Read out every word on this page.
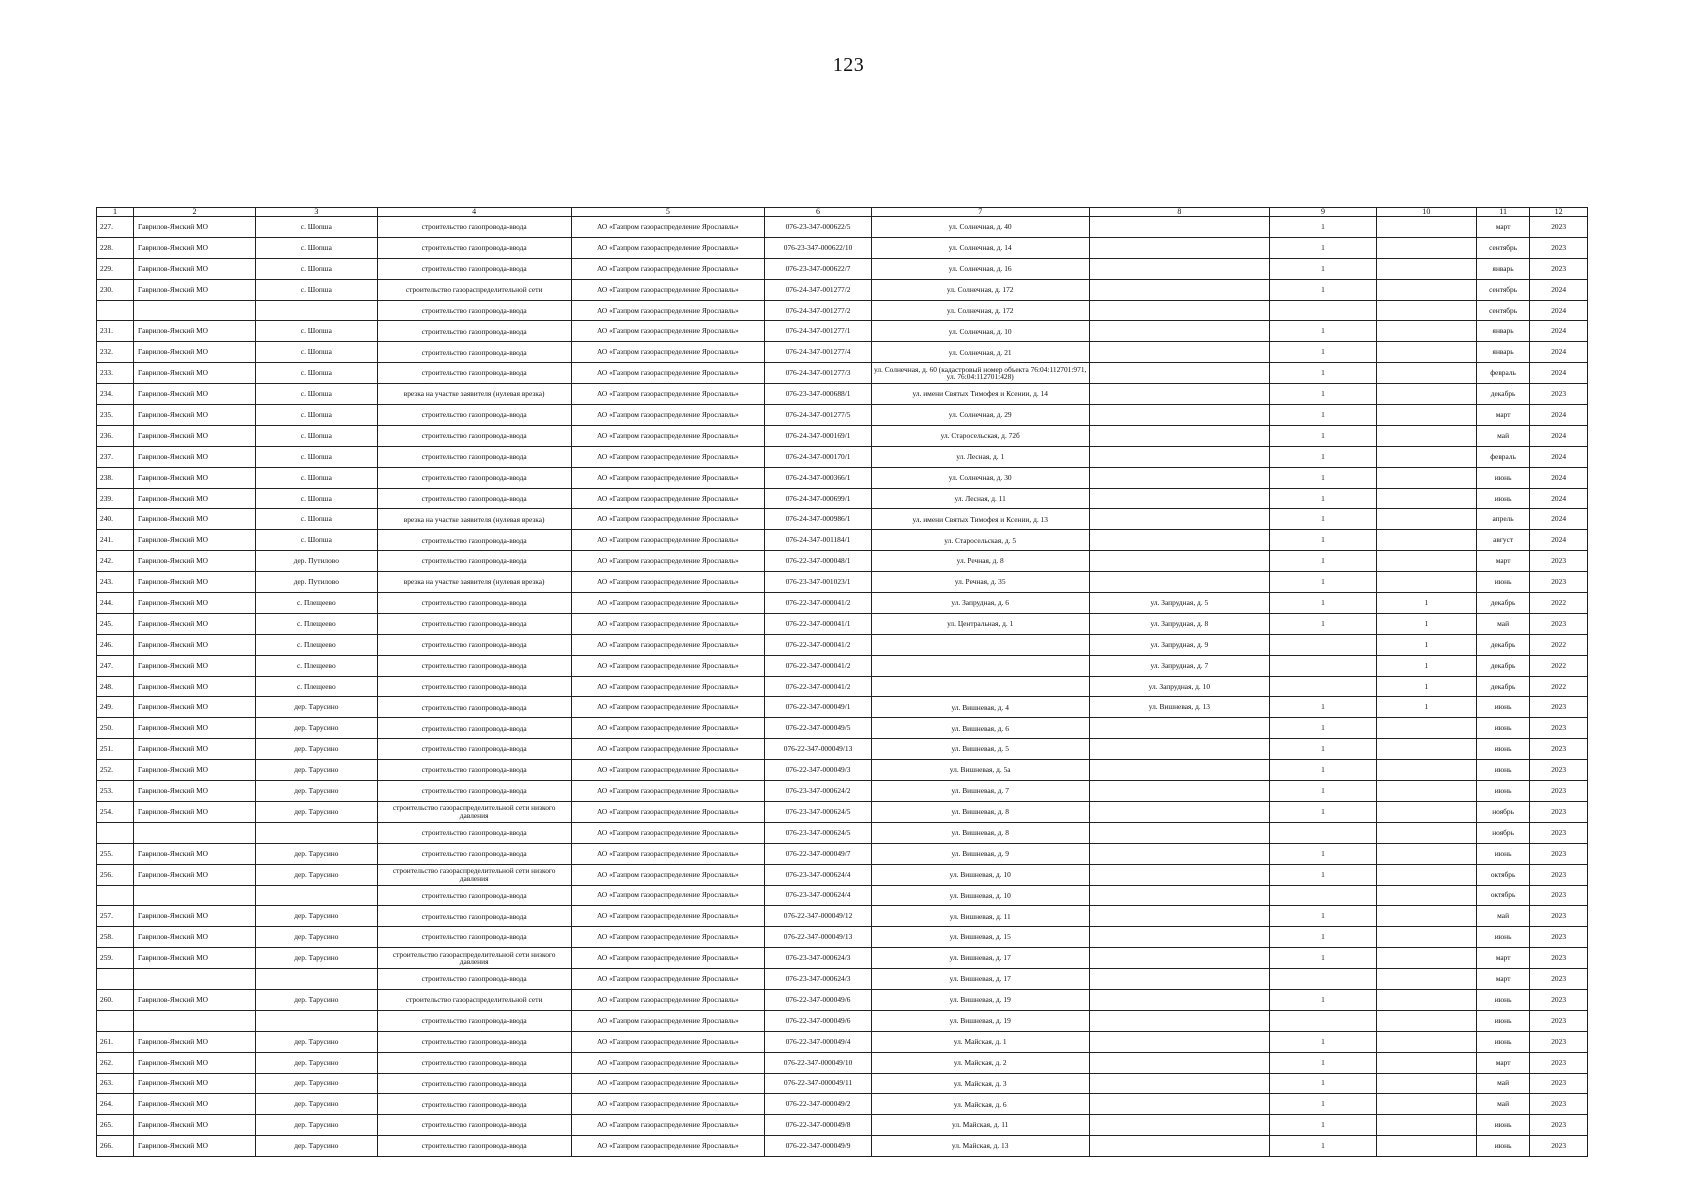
123
1	2	3	4	5	6	7	8	9	10	11	12
227.	Гаврилов-Ямский МО	с. Шопша	строительство газопровода-ввода	АО «Газпром газораспределение Ярославль»	076-23-347-000622/5	ул. Солнечная, д. 40		1		март	2023
228.	Гаврилов-Ямский МО	с. Шопша	строительство газопровода-ввода	АО «Газпром газораспределение Ярославль»	076-23-347-000622/10	ул. Солнечная, д. 14		1		сентябрь	2023
229.	Гаврилов-Ямский МО	с. Шопша	строительство газопровода-ввода	АО «Газпром газораспределение Ярославль»	076-23-347-000622/7	ул. Солнечная, д. 16		1		январь	2023
230.	Гаврилов-Ямский МО	с. Шопша	строительство газораспределительной сети	АО «Газпром газораспределение Ярославль»	076-24-347-001277/2	ул. Солнечная, д. 172		1		сентябрь	2024
			строительство газопровода-ввода	АО «Газпром газораспределение Ярославль»	076-24-347-001277/2	ул. Солнечная, д. 172				сентябрь	2024
231.	Гаврилов-Ямский МО	с. Шопша	строительство газопровода-ввода	АО «Газпром газораспределение Ярославль»	076-24-347-001277/1	ул. Солнечная, д. 10		1		январь	2024
232.	Гаврилов-Ямский МО	с. Шопша	строительство газопровода-ввода	АО «Газпром газораспределение Ярославль»	076-24-347-001277/4	ул. Солнечная, д. 21		1		январь	2024
233.	Гаврилов-Ямский МО	с. Шопша	строительство газопровода-ввода	АО «Газпром газораспределение Ярославль»	076-24-347-001277/3	ул. Солнечная, д. 60 (кадастровый номер объекта 76:04:112701:971, ул. 76:04:112701:428)		1		февраль	2024
234.	Гаврилов-Ямский МО	с. Шопша	врезка на участке заявителя (нулевая врезка)	АО «Газпром газораспределение Ярославль»	076-23-347-000688/1	ул. имени Святых Тимофея и Ксении, д. 14		1		декабрь	2023
235.	Гаврилов-Ямский МО	с. Шопша	строительство газопровода-ввода	АО «Газпром газораспределение Ярославль»	076-24-347-001277/5	ул. Солнечная, д. 29		1		март	2024
236.	Гаврилов-Ямский МО	с. Шопша	строительство газопровода-ввода	АО «Газпром газораспределение Ярославль»	076-24-347-000169/1	ул. Старосельская, д. 72б		1		май	2024
237.	Гаврилов-Ямский МО	с. Шопша	строительство газопровода-ввода	АО «Газпром газораспределение Ярославль»	076-24-347-000170/1	ул. Лесная, д. 1		1		февраль	2024
238.	Гаврилов-Ямский МО	с. Шопша	строительство газопровода-ввода	АО «Газпром газораспределение Ярославль»	076-24-347-000366/1	ул. Солнечная, д. 30		1		июнь	2024
239.	Гаврилов-Ямский МО	с. Шопша	строительство газопровода-ввода	АО «Газпром газораспределение Ярославль»	076-24-347-000699/1	ул. Лесная, д. 11		1		июнь	2024
240.	Гаврилов-Ямский МО	с. Шопша	врезка на участке заявителя (нулевая врезка)	АО «Газпром газораспределение Ярославль»	076-24-347-000986/1	ул. имени Святых Тимофея и Ксении, д. 13		1		апрель	2024
241.	Гаврилов-Ямский МО	с. Шопша	строительство газопровода-ввода	АО «Газпром газораспределение Ярославль»	076-24-347-001184/1	ул. Старосельская, д. 5		1		август	2024
242.	Гаврилов-Ямский МО	дер. Путилово	строительство газопровода-ввода	АО «Газпром газораспределение Ярославль»	076-22-347-000048/1	ул. Речная, д. 8		1		март	2023
243.	Гаврилов-Ямский МО	дер. Путилово	врезка на участке заявителя (нулевая врезка)	АО «Газпром газораспределение Ярославль»	076-23-347-001023/1	ул. Речная, д. 35		1		июнь	2023
244.	Гаврилов-Ямский МО	с. Плещеево	строительство газопровода-ввода	АО «Газпром газораспределение Ярославль»	076-22-347-000041/2	ул. Запрудная, д. 6	ул. Запрудная, д. 5	1	1	декабрь	2022
245.	Гаврилов-Ямский МО	с. Плещеево	строительство газопровода-ввода	АО «Газпром газораспределение Ярославль»	076-22-347-000041/1	ул. Центральная, д. 1	ул. Запрудная, д. 8	1	1	май	2023
246.	Гаврилов-Ямский МО	с. Плещеево	строительство газопровода-ввода	АО «Газпром газораспределение Ярославль»	076-22-347-000041/2		ул. Запрудная, д. 9		1	декабрь	2022
247.	Гаврилов-Ямский МО	с. Плещеево	строительство газопровода-ввода	АО «Газпром газораспределение Ярославль»	076-22-347-000041/2		ул. Запрудная, д. 7		1	декабрь	2022
248.	Гаврилов-Ямский МО	с. Плещеево	строительство газопровода-ввода	АО «Газпром газораспределение Ярославль»	076-22-347-000041/2		ул. Запрудная, д. 10		1	декабрь	2022
249.	Гаврилов-Ямский МО	дер. Тарусино	строительство газопровода-ввода	АО «Газпром газораспределение Ярославль»	076-22-347-000049/1	ул. Вишневая, д. 4	ул. Вишневая, д. 13	1	1	июнь	2023
250.	Гаврилов-Ямский МО	дер. Тарусино	строительство газопровода-ввода	АО «Газпром газораспределение Ярославль»	076-22-347-000049/5	ул. Вишневая, д. 6		1		июнь	2023
251.	Гаврилов-Ямский МО	дер. Тарусино	строительство газопровода-ввода	АО «Газпром газораспределение Ярославль»	076-22-347-000049/13	ул. Вишневая, д. 5		1		июнь	2023
252.	Гаврилов-Ямский МО	дер. Тарусино	строительство газопровода-ввода	АО «Газпром газораспределение Ярославль»	076-22-347-000049/3	ул. Вишневая, д. 5а		1		июнь	2023
253.	Гаврилов-Ямский МО	дер. Тарусино	строительство газопровода-ввода	АО «Газпром газораспределение Ярославль»	076-23-347-000624/2	ул. Вишневая, д. 7		1		июнь	2023
254.	Гаврилов-Ямский МО	дер. Тарусино	строительство газораспределительной сети низкого давления	АО «Газпром газораспределение Ярославль»	076-23-347-000624/5	ул. Вишневая, д. 8		1		ноябрь	2023
			строительство газопровода-ввода	АО «Газпром газораспределение Ярославль»	076-23-347-000624/5	ул. Вишневая, д. 8				ноябрь	2023
255.	Гаврилов-Ямский МО	дер. Тарусино	строительство газопровода-ввода	АО «Газпром газораспределение Ярославль»	076-22-347-000049/7	ул. Вишневая, д. 9		1		июнь	2023
256.	Гаврилов-Ямский МО	дер. Тарусино	строительство газораспределительной сети низкого давления	АО «Газпром газораспределение Ярославль»	076-23-347-000624/4	ул. Вишневая, д. 10		1		октябрь	2023
			строительство газопровода-ввода	АО «Газпром газораспределение Ярославль»	076-23-347-000624/4	ул. Вишневая, д. 10				октябрь	2023
257.	Гаврилов-Ямский МО	дер. Тарусино	строительство газопровода-ввода	АО «Газпром газораспределение Ярославль»	076-22-347-000049/12	ул. Вишневая, д. 11		1		май	2023
258.	Гаврилов-Ямский МО	дер. Тарусино	строительство газопровода-ввода	АО «Газпром газораспределение Ярославль»	076-22-347-000049/13	ул. Вишневая, д. 15		1		июнь	2023
259.	Гаврилов-Ямский МО	дер. Тарусино	строительство газораспределительной сети низкого давления	АО «Газпром газораспределение Ярославль»	076-23-347-000624/3	ул. Вишневая, д. 17		1		март	2023
			строительство газопровода-ввода	АО «Газпром газораспределение Ярославль»	076-23-347-000624/3	ул. Вишневая, д. 17				март	2023
260.	Гаврилов-Ямский МО	дер. Тарусино	строительство газораспределительной сети	АО «Газпром газораспределение Ярославль»	076-22-347-000049/6	ул. Вишневая, д. 19		1		июнь	2023
			строительство газопровода-ввода	АО «Газпром газораспределение Ярославль»	076-22-347-000049/6	ул. Вишневая, д. 19				июнь	2023
261.	Гаврилов-Ямский МО	дер. Тарусино	строительство газопровода-ввода	АО «Газпром газораспределение Ярославль»	076-22-347-000049/4	ул. Майская, д. 1		1		июнь	2023
262.	Гаврилов-Ямский МО	дер. Тарусино	строительство газопровода-ввода	АО «Газпром газораспределение Ярославль»	076-22-347-000049/10	ул. Майская, д. 2		1		март	2023
263.	Гаврилов-Ямский МО	дер. Тарусино	строительство газопровода-ввода	АО «Газпром газораспределение Ярославль»	076-22-347-000049/11	ул. Майская, д. 3		1		май	2023
264.	Гаврилов-Ямский МО	дер. Тарусино	строительство газопровода-ввода	АО «Газпром газораспределение Ярославль»	076-22-347-000049/2	ул. Майская, д. 6		1		май	2023
265.	Гаврилов-Ямский МО	дер. Тарусино	строительство газопровода-ввода	АО «Газпром газораспределение Ярославль»	076-22-347-000049/8	ул. Майская, д. 11		1		июнь	2023
266.	Гаврилов-Ямский МО	дер. Тарусино	строительство газопровода-ввода	АО «Газпром газораспределение Ярославль»	076-22-347-000049/9	ул. Майская, д. 13		1		июнь	2023
